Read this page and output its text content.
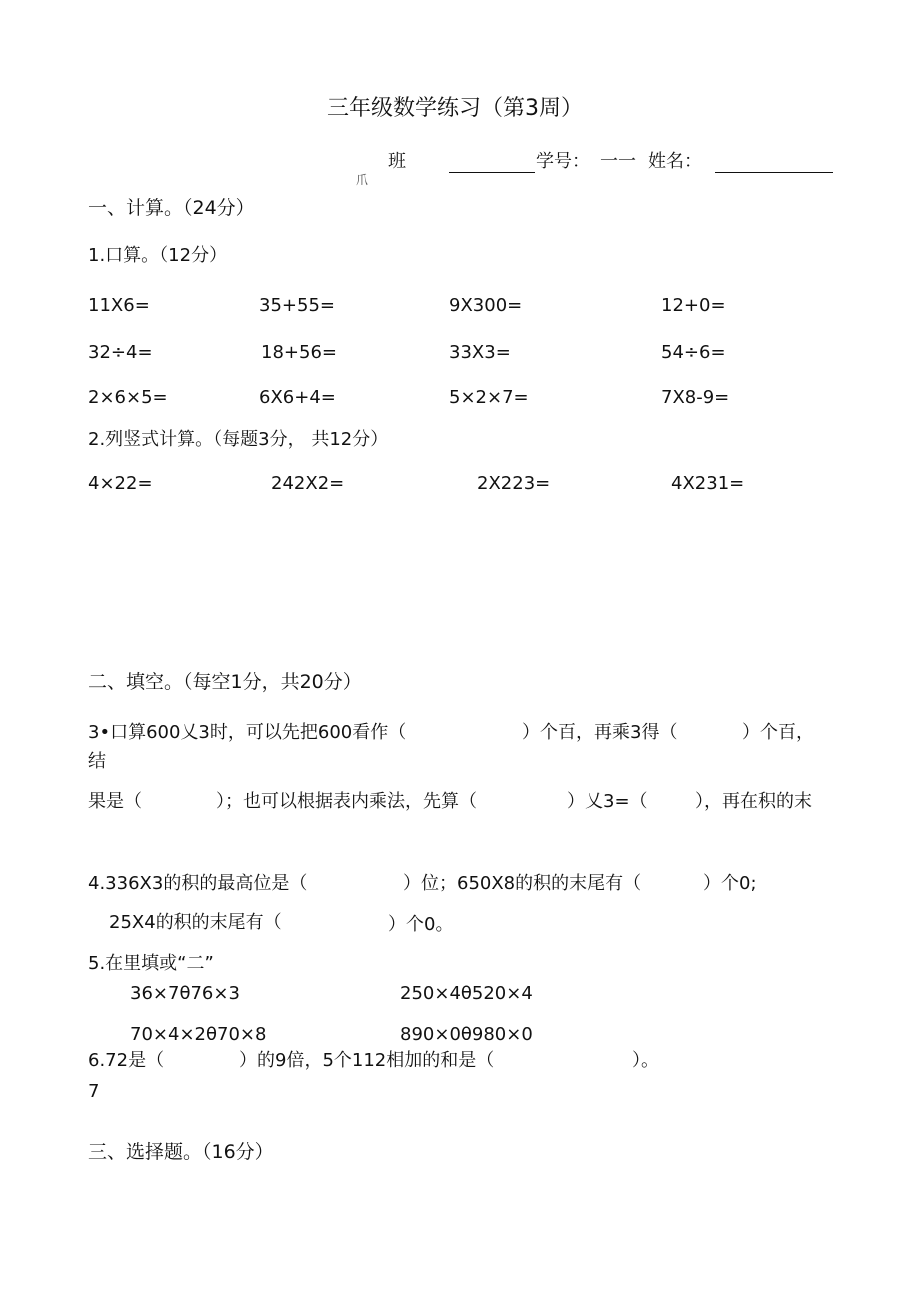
三年级数学练习（第3周）
班
爪
学号： 一一 姓名：
一、计算。（24分）
1.口算。（12分）
11X6=	35+55=	9X300=	12+0=
32÷4=	18+56=	33X3=	54÷6=
2×6×5=	6X6+4=	5×2×7=	7X8-9=
2.列竖式计算。（每题3分， 共12分）
4×22=	242X2=	2X223=	4X231=
二、填空。（每空1分，共20分）
3•口算600乂3时，可以先把600看作（	）个百，再乘3得（	）个百，
结
果是（	）；也可以根据表内乘法，先算（	）乂3=（	），再在积的末
4.336X3的积的最高位是（	）位；650X8的积的末尾有（	）个0;
25X4的积的末尾有（	）个0。
5.在里填或“二”
36×7θ76×3	250×4θ520×4
70×4×2θ70×8	890×0θ980×0
6.72是（	）的9倍，5个112相加的和是（	）。
7
三、选择题。（16分）
